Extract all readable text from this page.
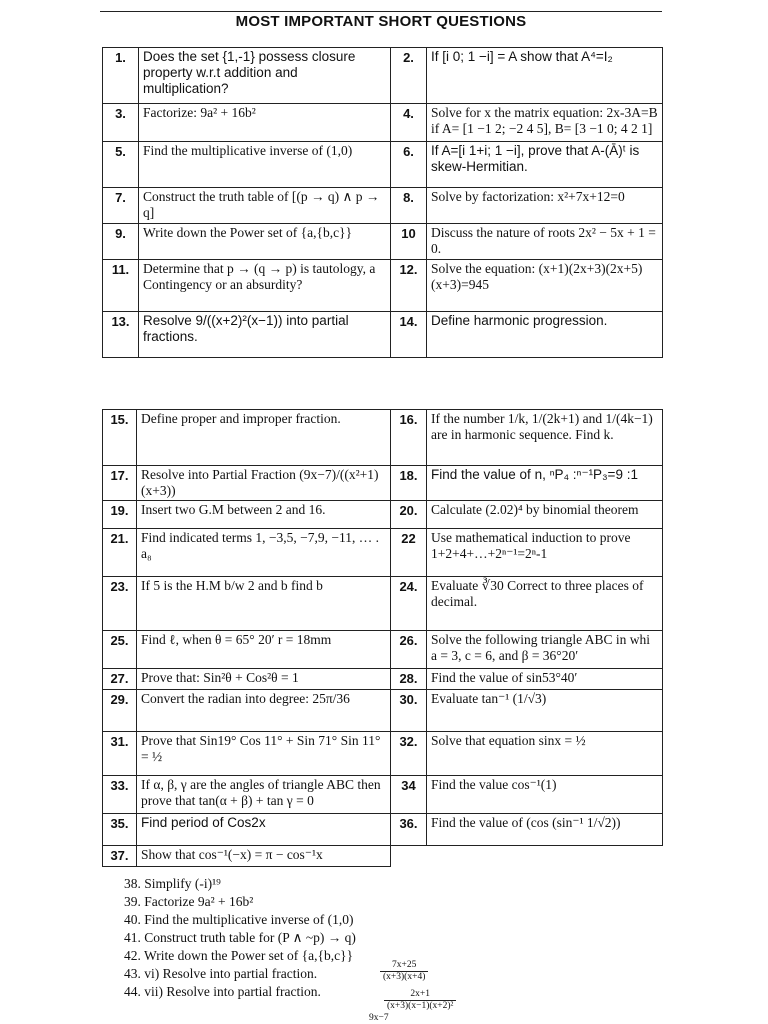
MOST IMPORTANT SHORT QUESTIONS
1.	Does the set {1,-1} possess closure property w.r.t addition and multiplication?	2.	If [i 0; 1 −i] = A show that A⁴=I₂
3.	Factorize: 9a² + 16b²	4.	Solve for x the matrix equation: 2x-3A=B if A= [1 −1 2; −2 4 5], B= [3 −1 0; 4 2 1]
5.	Find the multiplicative inverse of (1,0)	6.	If A=[i 1+i; 1 −i], prove that A-(Ā)ᵗ is skew-Hermitian.
7.	Construct the truth table of [(p → q) ∧ p → q]	8.	Solve by factorization: x²+7x+12=0
9.	Write down the Power set of {a,{b,c}}	10	Discuss the nature of roots 2x² − 5x + 1 = 0.
11.	Determine that p → (q → p) is tautology, a Contingency or an absurdity?	12.	Solve the equation: (x+1)(2x+3)(2x+5)(x+3)=945
13.	Resolve 9/((x+2)²(x−1)) into partial fractions.	14.	Define harmonic progression.
15.	Define proper and improper fraction.	16.	If the number 1/k, 1/(2k+1) and 1/(4k−1) are in harmonic sequence. Find k.
17.	Resolve into Partial Fraction (9x−7)/((x²+1)(x+3))	18.	Find the value of n, ⁿP₄ :ⁿ⁻¹P₃=9 :1
19.	Insert two G.M between 2 and 16.	20.	Calculate (2.02)⁴ by binomial theorem
21.	Find indicated terms 1, −3,5, −7,9, −11, … . a₈	22	Use mathematical induction to prove 1+2+4+…+2ⁿ⁻¹=2ⁿ-1
23.	If 5 is the H.M b/w 2 and b find b	24.	Evaluate ∛30 Correct to three places of decimal.
25.	Find ℓ, when θ = 65° 20′ r = 18mm	26.	Solve the following triangle ABC in whi a = 3, c = 6, and β = 36°20′
27.	Prove that: Sin²θ + Cos²θ = 1	28.	Find the value of sin53°40′
29.	Convert the radian into degree: 25π/36	30.	Evaluate tan⁻¹ (1/√3)
31.	Prove that Sin19° Cos 11° + Sin 71° Sin 11° = ½	32.	Solve that equation sinx = ½
33.	If α, β, γ are the angles of triangle ABC then prove that tan(α + β) + tan γ = 0	34	Find the value cos⁻¹(1)
35.	Find period of Cos2x	36.	Find the value of (cos (sin⁻¹ 1/√2))
37.	Show that cos⁻¹(−x) = π − cos⁻¹x		
38. Simplify (-i)¹⁹
39. Factorize 9a² + 16b²
40. Find the multiplicative inverse of (1,0)
41. Construct truth table for (P ∧ ~p) → q)
42. Write down the Power set of {a,{b,c}}
43. vi) Resolve into partial fraction.
44. vii) Resolve into partial fraction.
$\frac{7x+25}{(x+3)(x+4)}$
$\frac{2x+1}{\text{(x+3)(x−1)(x+2)²}}$
9x−7
